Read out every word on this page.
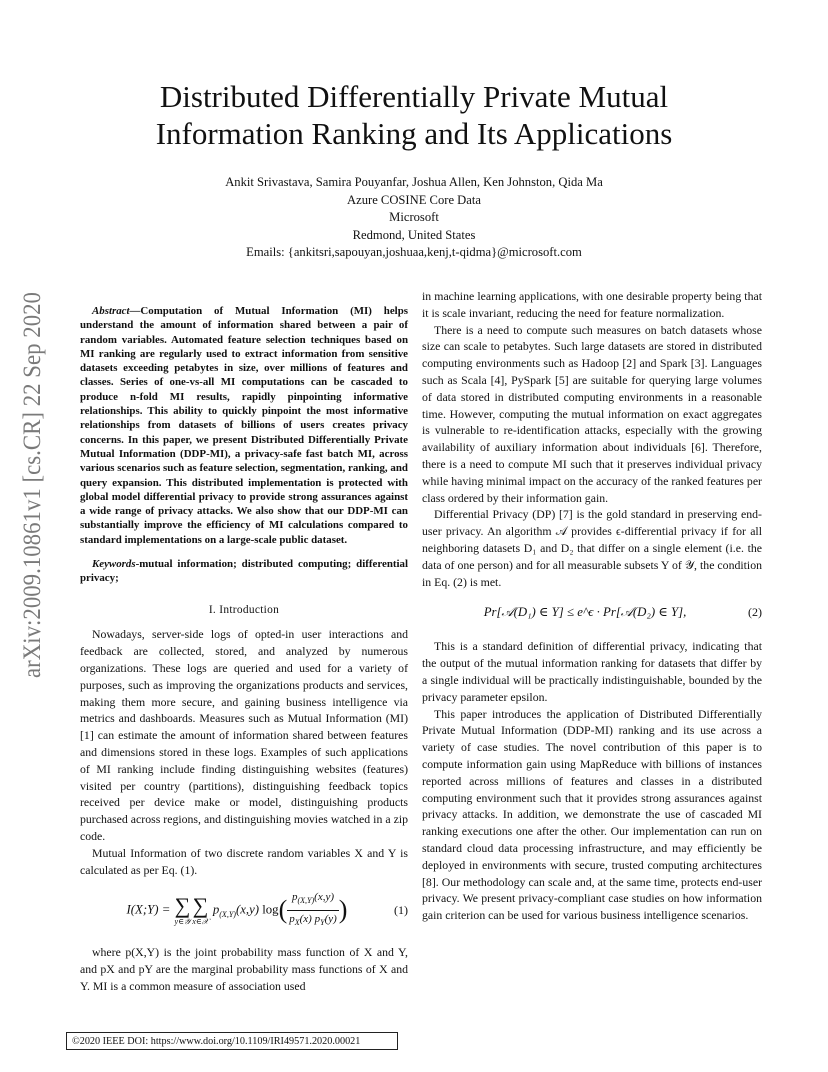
Distributed Differentially Private Mutual
Information Ranking and Its Applications
Ankit Srivastava, Samira Pouyanfar, Joshua Allen, Ken Johnston, Qida Ma
Azure COSINE Core Data
Microsoft
Redmond, United States
Emails: {ankitsri,sapouyan,joshuaa,kenj,t-qidma}@microsoft.com
arXiv:2009.10861v1 [cs.CR] 22 Sep 2020	Abstract—Computation of Mutual Information (MI) helps understand the amount of information shared between a pair of random variables. Automated feature selection techniques based on MI ranking are regularly used to extract information from sensitive datasets exceeding petabytes in size, over millions of features and classes. Series of one-vs-all MI computations can be cascaded to produce n-fold MI results, rapidly pinpointing informative relationships. This ability to quickly pinpoint the most informative relationships from datasets of billions of users creates privacy concerns. In this paper, we present Distributed Differentially Private Mutual Information (DDP-MI), a privacy-safe fast batch MI, across various scenarios such as feature selection, segmentation, ranking, and query expansion. This distributed implementation is protected with global model differential privacy to provide strong assurances against a wide range of privacy attacks. We also show that our DDP-MI can substantially improve the efficiency of MI calculations compared to standard implementations on a large-scale public dataset.

Keywords-mutual information; distributed computing; differential privacy;

I. Introduction

Nowadays, server-side logs of opted-in user interactions and feedback are collected, stored, and analyzed by numerous organizations. These logs are queried and used for a variety of purposes, such as improving the organizations products and services, making them more secure, and gaining business intelligence via metrics and dashboards. Measures such as Mutual Information (MI) [1] can estimate the amount of information shared between features and dimensions stored in these logs. Examples of such applications of MI ranking include finding distinguishing websites (features) visited per country (partitions), distinguishing feedback topics received per device make or model, distinguishing products purchased across regions, and distinguishing movies watched in a zip code.

Mutual Information of two discrete random variables X and Y is calculated as per Eq. (1).

I(X;Y) = ∑
y∈𝒴
∑
x∈𝒳
$p_{(X,Y)}(x,y)$ $\log( \frac{p_{(X,Y)}(x,y)}{p_X(x) p_Y(y)}$ )	(1)

where p(X,Y) is the joint probability mass function of X and Y, and pX and pY are the marginal probability mass functions of X and Y. MI is a common measure of association used

in machine learning applications, with one desirable property being that it is scale invariant, reducing the need for feature normalization.

There is a need to compute such measures on batch datasets whose size can scale to petabytes. Such large datasets are stored in distributed computing environments such as Hadoop [2] and Spark [3]. Languages such as Scala [4], PySpark [5] are suitable for querying large volumes of data stored in distributed computing environments in a reasonable time. However, computing the mutual information on exact aggregates is vulnerable to re-identification attacks, especially with the growing availability of auxiliary information about individuals [6]. Therefore, there is a need to compute MI such that it preserves individual privacy while having minimal impact on the accuracy of the ranked features per class ordered by their information gain.

Differential Privacy (DP) [7] is the gold standard in preserving end-user privacy. An algorithm 𝒜 provides ϵ-differential privacy if for all neighboring datasets D₁ and D₂ that differ on a single element (i.e. the data of one person) and for all measurable subsets Y of 𝒴, the condition in Eq. (2) is met.

Pr[𝒜(D₁) ∈ Y] ≤ e^ϵ · Pr[𝒜(D₂) ∈ Y],	(2)

This is a standard definition of differential privacy, indicating that the output of the mutual information ranking for datasets that differ by a single individual will be practically indistinguishable, bounded by the privacy parameter epsilon.

This paper introduces the application of Distributed Differentially Private Mutual Information (DDP-MI) ranking and its use across a variety of case studies. The novel contribution of this paper is to compute information gain using MapReduce with billions of instances reported across millions of features and classes in a distributed computing environment such that it provides strong assurances against privacy attacks. In addition, we demonstrate the use of cascaded MI ranking executions one after the other. Our implementation can run on standard cloud data processing infrastructure, and may efficiently be deployed in environments with secure, trusted computing architectures [8]. Our methodology can scale and, at the same time, protects end-user privacy. We present privacy-compliant case studies on how information gain criterion can be used for various business intelligence scenarios.

©2020 IEEE DOI: https://www.doi.org/10.1109/IRI49571.2020.00021
